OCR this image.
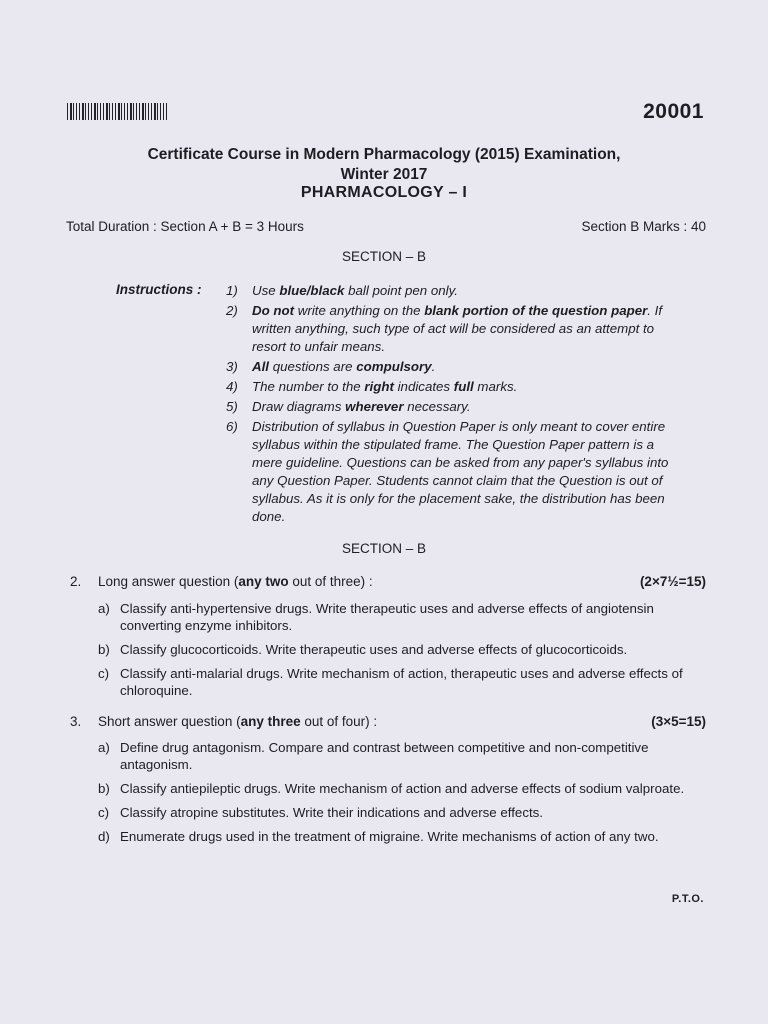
20001
Certificate Course in Modern Pharmacology (2015) Examination,
Winter 2017
PHARMACOLOGY – I
Total Duration : Section A + B = 3 Hours	Section B Marks : 40
SECTION – B
Instructions : 1)	Use blue/black ball point pen only.
2)	Do not write anything on the blank portion of the question paper. If written anything, such type of act will be considered as an attempt to resort to unfair means.
3)	All questions are compulsory.
4)	The number to the right indicates full marks.
5)	Draw diagrams wherever necessary.
6)	Distribution of syllabus in Question Paper is only meant to cover entire syllabus within the stipulated frame. The Question Paper pattern is a mere guideline. Questions can be asked from any paper's syllabus into any Question Paper. Students cannot claim that the Question is out of syllabus. As it is only for the placement sake, the distribution has been done.
SECTION – B
2.	Long answer question (any two out of three) :	(2×7½=15)
a) Classify anti-hypertensive drugs. Write therapeutic uses and adverse effects of angiotensin converting enzyme inhibitors.
b) Classify glucocorticoids. Write therapeutic uses and adverse effects of glucocorticoids.
c) Classify anti-malarial drugs. Write mechanism of action, therapeutic uses and adverse effects of chloroquine.
3.	Short answer question (any three out of four) :	(3×5=15)
a) Define drug antagonism. Compare and contrast between competitive and non-competitive antagonism.
b) Classify antiepileptic drugs. Write mechanism of action and adverse effects of sodium valproate.
c) Classify atropine substitutes. Write their indications and adverse effects.
d) Enumerate drugs used in the treatment of migraine. Write mechanisms of action of any two.
P.T.O.
